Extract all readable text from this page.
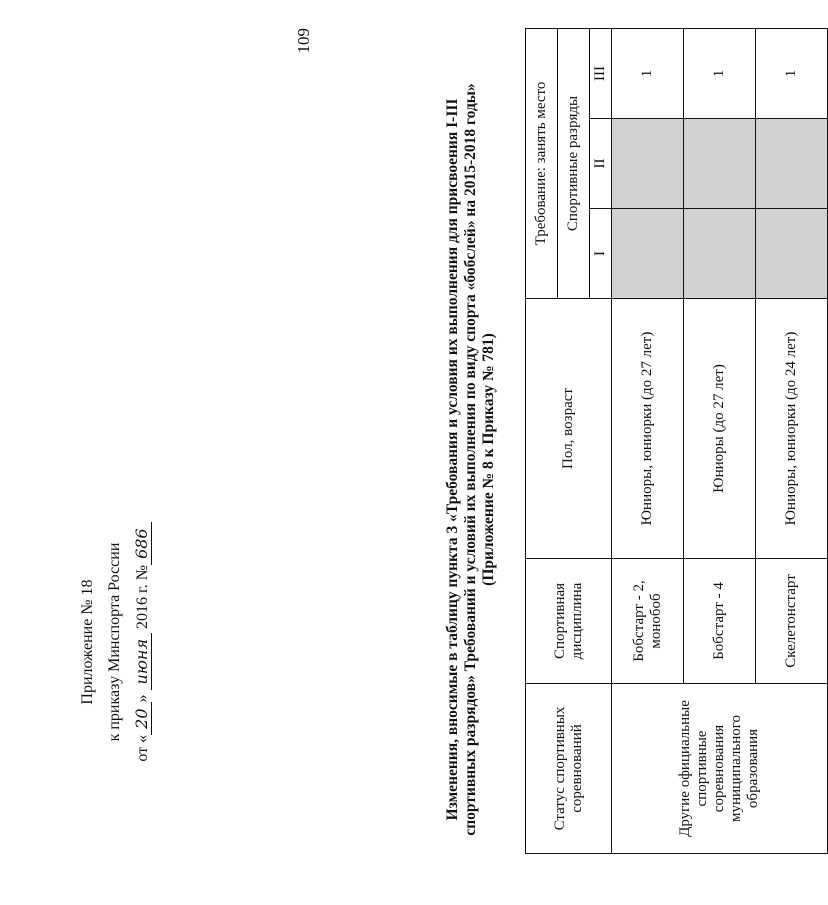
109
Приложение № 18 к приказу Минспорта России
от «20» июня 2016 г. №686	Изменения, вносимые в таблицу пункта 3 «Требования и условия их выполнения для присвоения I-III спортивных разрядов» Требований и условий их выполнения по виду спорта «бобслей» на 2015-2018 годы» (Приложение № 8 к Приказу № 781)
Статус спортивных соревнований	Спортивная дисциплина	Пол, возраст	Требование: занять место		
			Спортивные разряды		
			I	II	III
Другие официальные спортивные соревнования муниципального образования	Бобстарт - 2, монобоб	Юниоры, юниорки (до 27 лет)			1
	Бобстарт - 4	Юниоры (до 27 лет)			1
	Скелетонстарт	Юниоры, юниорки (до 24 лет)			1
